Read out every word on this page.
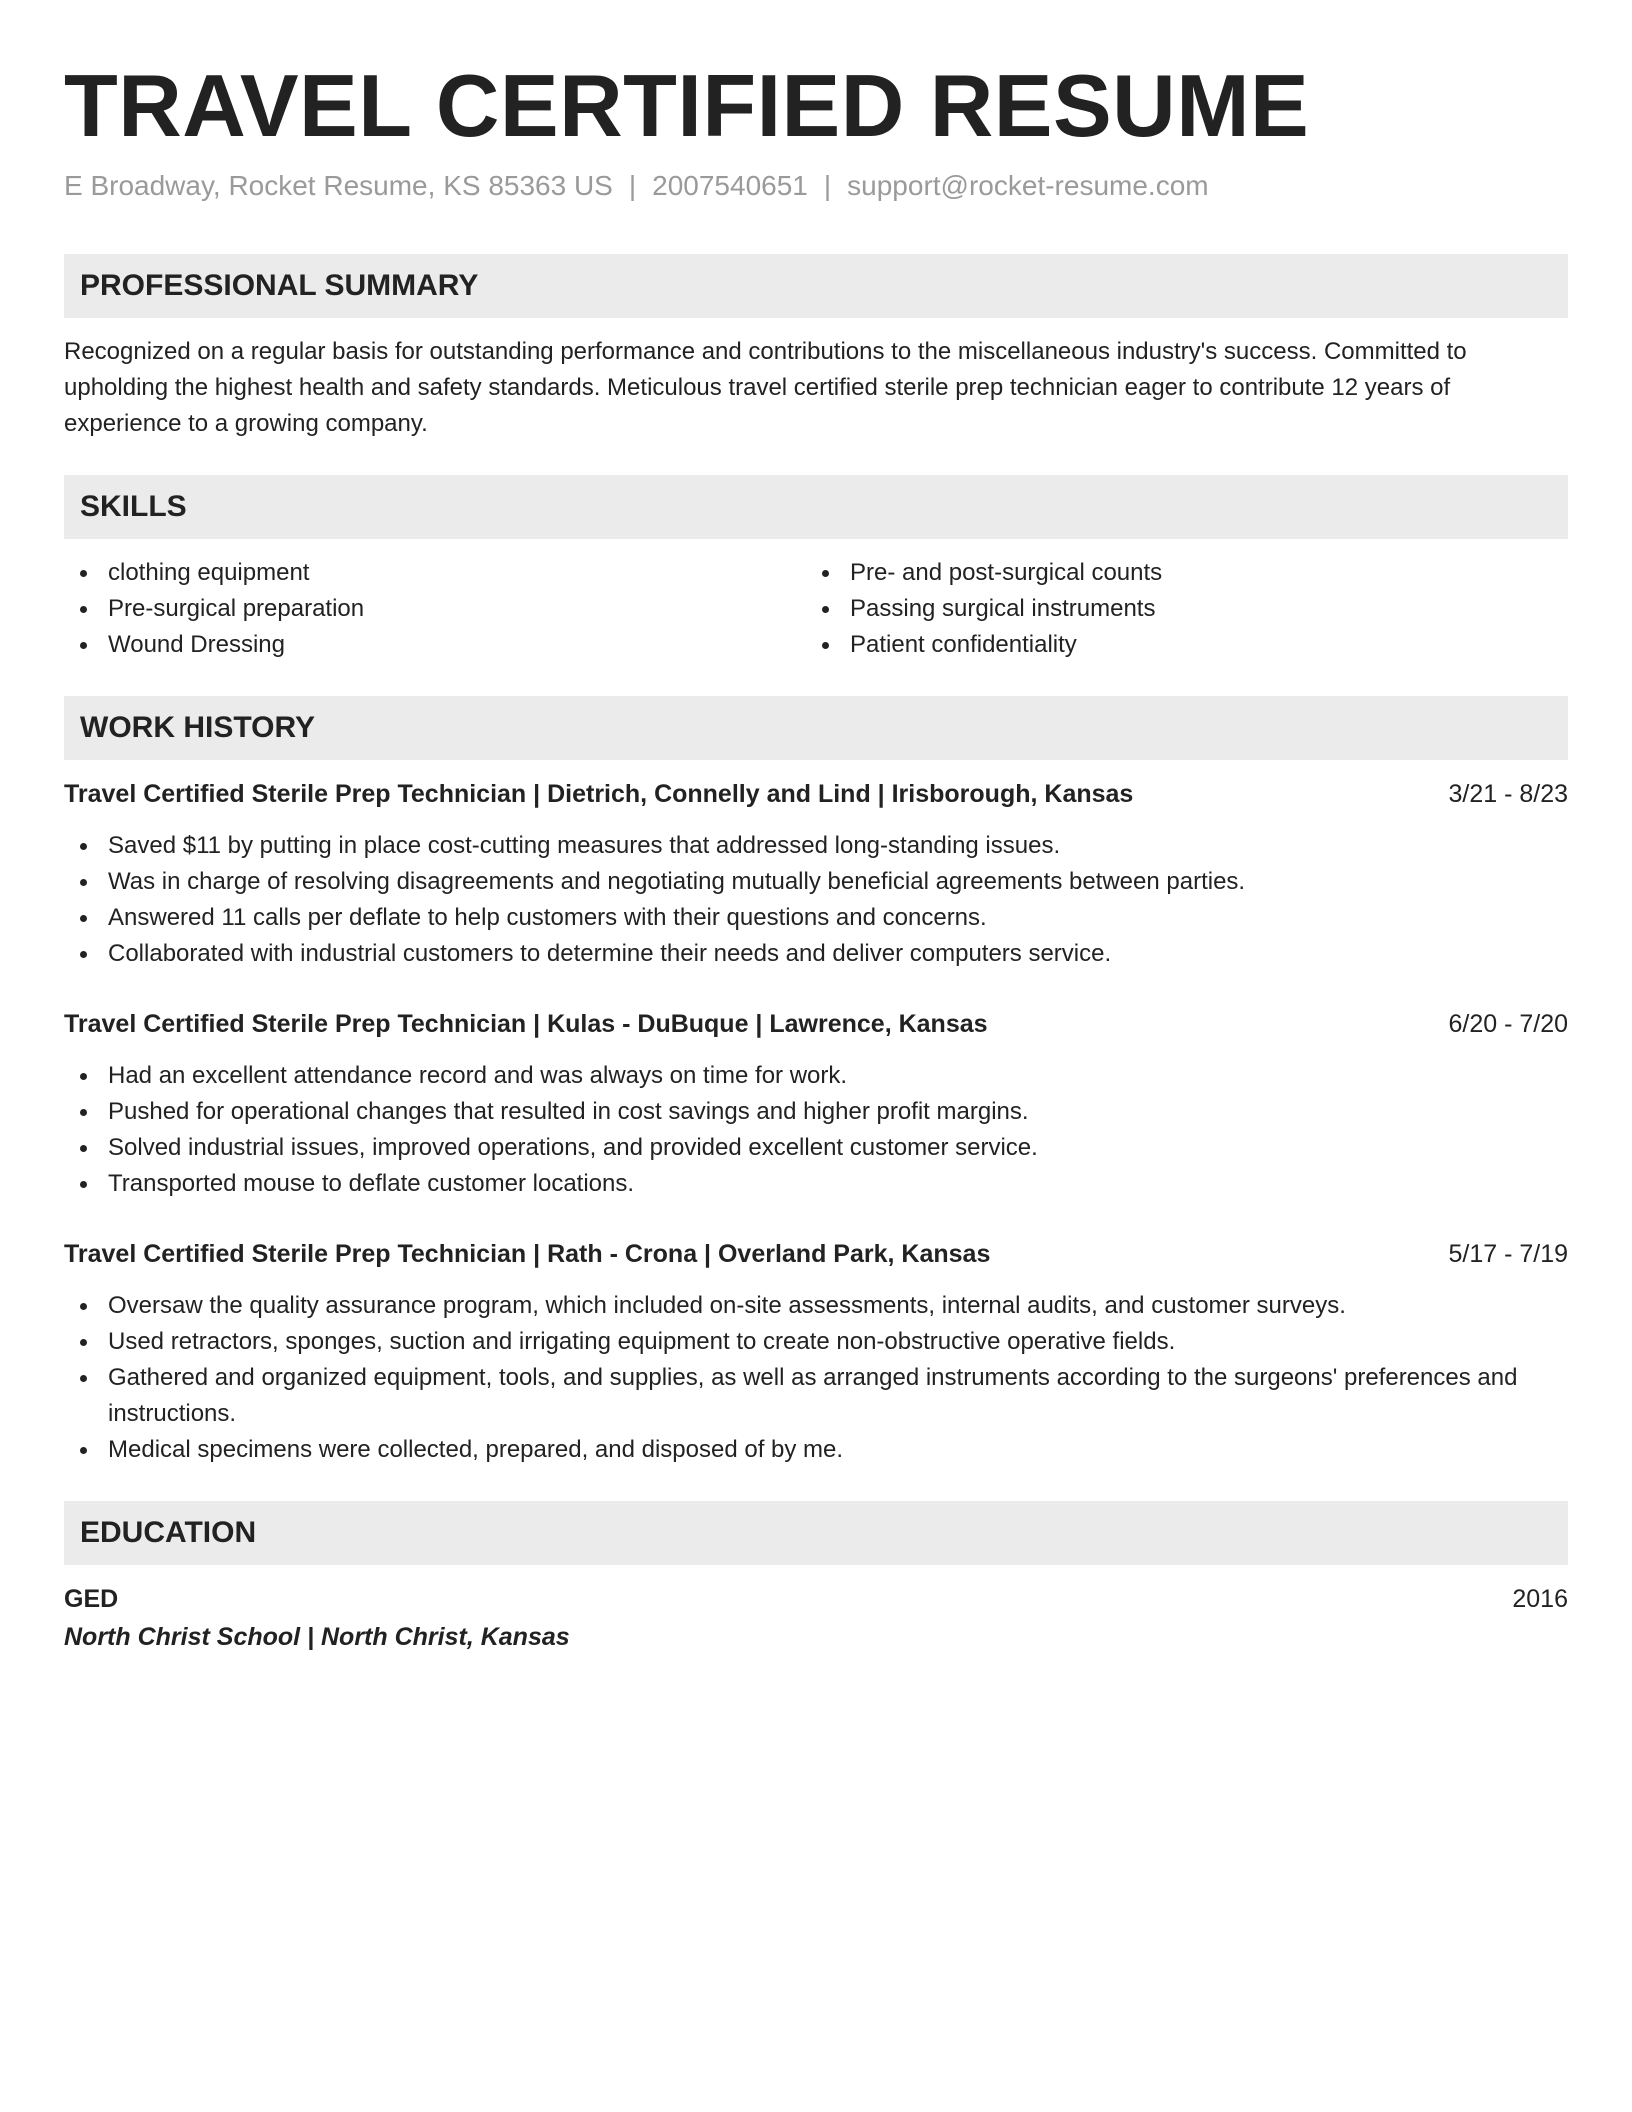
TRAVEL CERTIFIED RESUME
E Broadway, Rocket Resume, KS 85363 US | 2007540651 | support@rocket-resume.com
PROFESSIONAL SUMMARY

Recognized on a regular basis for outstanding performance and contributions to the miscellaneous industry's success. Committed to upholding the highest health and safety standards. Meticulous travel certified sterile prep technician eager to contribute 12 years of experience to a growing company.

SKILLS
clothing equipment
Pre-surgical preparation
Wound Dressing
Pre- and post-surgical counts
Passing surgical instruments
Patient confidentiality
WORK HISTORY
Travel Certified Sterile Prep Technician | Dietrich, Connelly and Lind | Irisborough, Kansas	3/21 - 8/23
Saved $11 by putting in place cost-cutting measures that addressed long-standing issues.
Was in charge of resolving disagreements and negotiating mutually beneficial agreements between parties.
Answered 11 calls per deflate to help customers with their questions and concerns.
Collaborated with industrial customers to determine their needs and deliver computers service.
Travel Certified Sterile Prep Technician | Kulas - DuBuque | Lawrence, Kansas	6/20 - 7/20
Had an excellent attendance record and was always on time for work.
Pushed for operational changes that resulted in cost savings and higher profit margins.
Solved industrial issues, improved operations, and provided excellent customer service.
Transported mouse to deflate customer locations.
Travel Certified Sterile Prep Technician | Rath - Crona | Overland Park, Kansas	5/17 - 7/19
Oversaw the quality assurance program, which included on-site assessments, internal audits, and customer surveys.
Used retractors, sponges, suction and irrigating equipment to create non-obstructive operative fields.
Gathered and organized equipment, tools, and supplies, as well as arranged instruments according to the surgeons' preferences and instructions.
Medical specimens were collected, prepared, and disposed of by me.
EDUCATION
GED	2016
North Christ School | North Christ, Kansas
